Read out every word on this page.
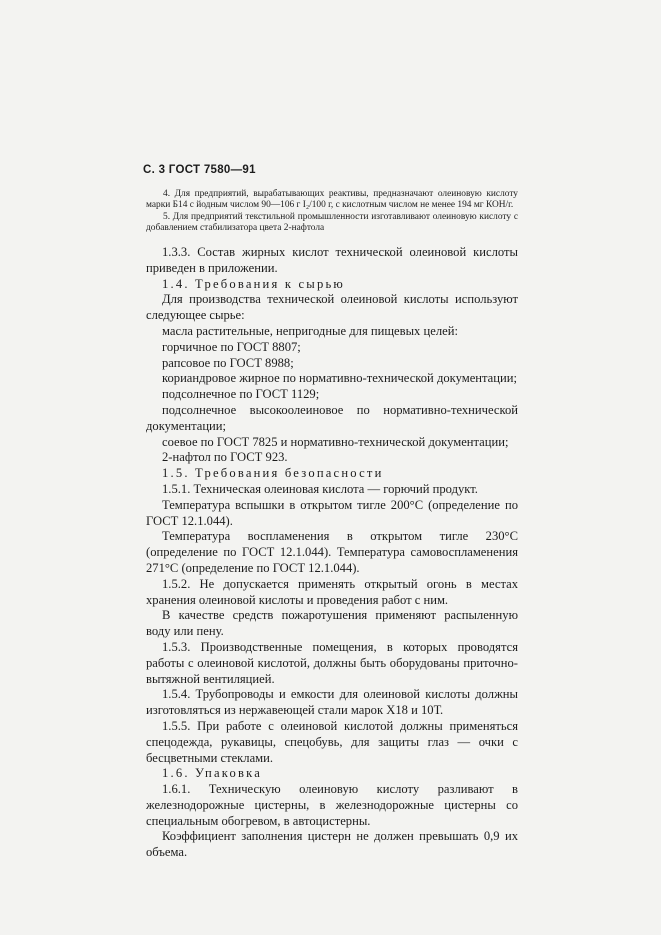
С. 3 ГОСТ 7580—91

4. Для предприятий, вырабатывающих реактивы, предназначают олеиновую кислоту марки Б14 с йодным числом 90—106 г I₂/100 г, с кислотным числом не менее 194 мг КОН/г.

5. Для предприятий текстильной промышленности изготавливают олеиновую кислоту с добавлением стабилизатора цвета 2-нафтола

1.3.3. Состав жирных кислот технической олеиновой кислоты приведен в приложении.

1.4. Требования к сырью

Для производства технической олеиновой кислоты используют следующее сырье:

масла растительные, непригодные для пищевых целей:

горчичное по ГОСТ 8807;

рапсовое по ГОСТ 8988;

кориандровое жирное по нормативно-технической документации;

подсолнечное по ГОСТ 1129;

подсолнечное высокоолеиновое по нормативно-технической документации;

соевое по ГОСТ 7825 и нормативно-технической документации;

2-нафтол по ГОСТ 923.

1.5. Требования безопасности

1.5.1. Техническая олеиновая кислота — горючий продукт.

Температура вспышки в открытом тигле 200°С (определение по ГОСТ 12.1.044).

Температура воспламенения в открытом тигле 230°С (определение по ГОСТ 12.1.044). Температура самовоспламенения 271°С (определение по ГОСТ 12.1.044).

1.5.2. Не допускается применять открытый огонь в местах хранения олеиновой кислоты и проведения работ с ним.

В качестве средств пожаротушения применяют распыленную воду или пену.

1.5.3. Производственные помещения, в которых проводятся работы с олеиновой кислотой, должны быть оборудованы приточно-вытяжной вентиляцией.

1.5.4. Трубопроводы и емкости для олеиновой кислоты должны изготовляться из нержавеющей стали марок Х18 и 10Т.

1.5.5. При работе с олеиновой кислотой должны применяться спецодежда, рукавицы, спецобувь, для защиты глаз — очки с бесцветными стеклами.

1.6. Упаковка

1.6.1. Техническую олеиновую кислоту разливают в железнодорожные цистерны, в железнодорожные цистерны со специальным обогревом, в автоцистерны.

Коэффициент заполнения цистерн не должен превышать 0,9 их объема.
